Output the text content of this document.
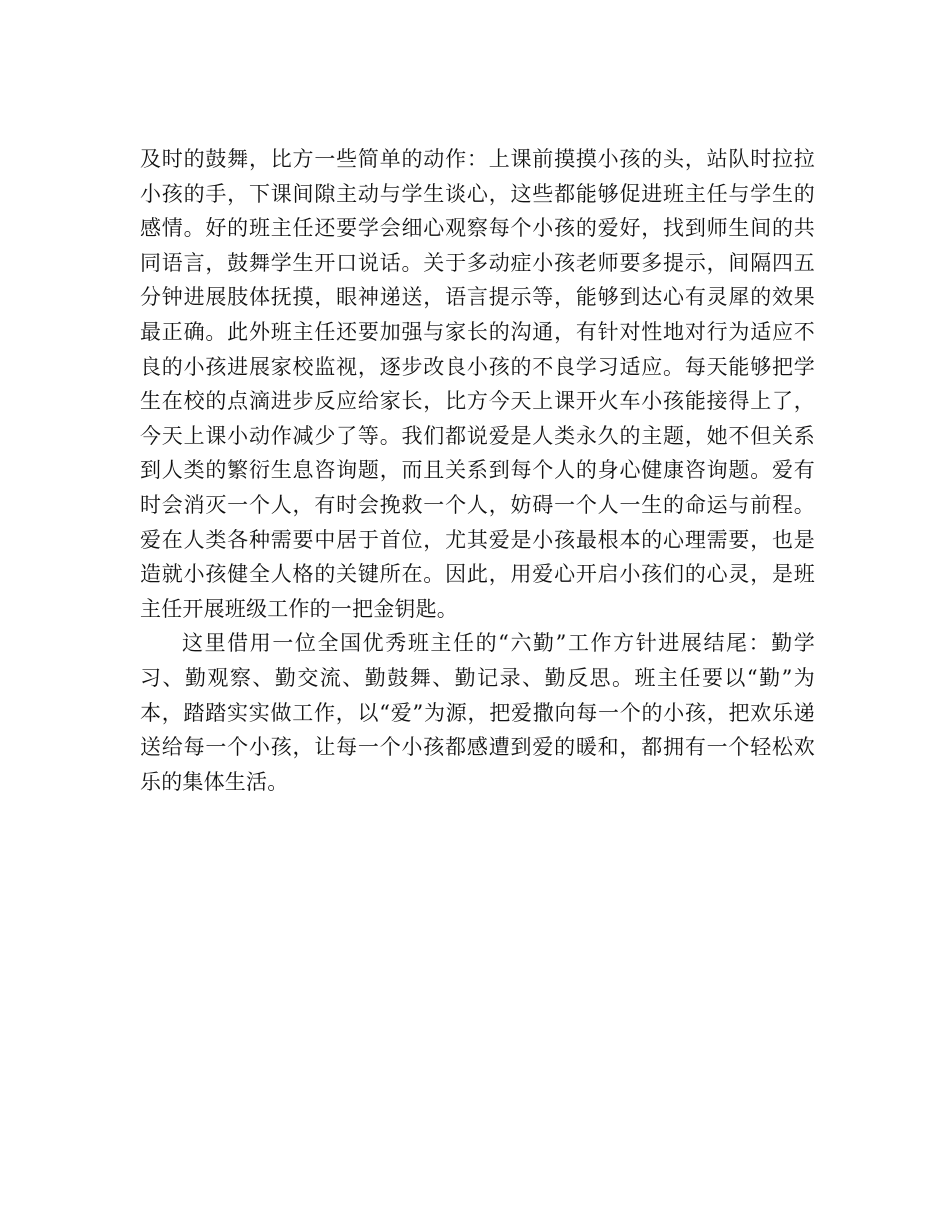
及时的鼓舞，比方一些简单的动作：上课前摸摸小孩的头，站队时拉拉小孩的手，下课间隙主动与学生谈心，这些都能够促进班主任与学生的感情。好的班主任还要学会细心观察每个小孩的爱好，找到师生间的共同语言，鼓舞学生开口说话。关于多动症小孩老师要多提示，间隔四五分钟进展肢体抚摸，眼神递送，语言提示等，能够到达心有灵犀的效果最正确。此外班主任还要加强与家长的沟通，有针对性地对行为适应不良的小孩进展家校监视，逐步改良小孩的不良学习适应。每天能够把学生在校的点滴进步反应给家长，比方今天上课开火车小孩能接得上了，今天上课小动作减少了等。我们都说爱是人类永久的主题，她不但关系到人类的繁衍生息咨询题，而且关系到每个人的身心健康咨询题。爱有时会消灭一个人，有时会挽救一个人，妨碍一个人一生的命运与前程。爱在人类各种需要中居于首位，尤其爱是小孩最根本的心理需要，也是造就小孩健全人格的关键所在。因此，用爱心开启小孩们的心灵，是班主任开展班级工作的一把金钥匙。

这里借用一位全国优秀班主任的“六勤”工作方针进展结尾：勤学习、勤观察、勤交流、勤鼓舞、勤记录、勤反思。班主任要以“勤”为本，踏踏实实做工作，以“爱”为源，把爱撒向每一个的小孩，把欢乐递送给每一个小孩，让每一个小孩都感遭到爱的暖和，都拥有一个轻松欢乐的集体生活。
